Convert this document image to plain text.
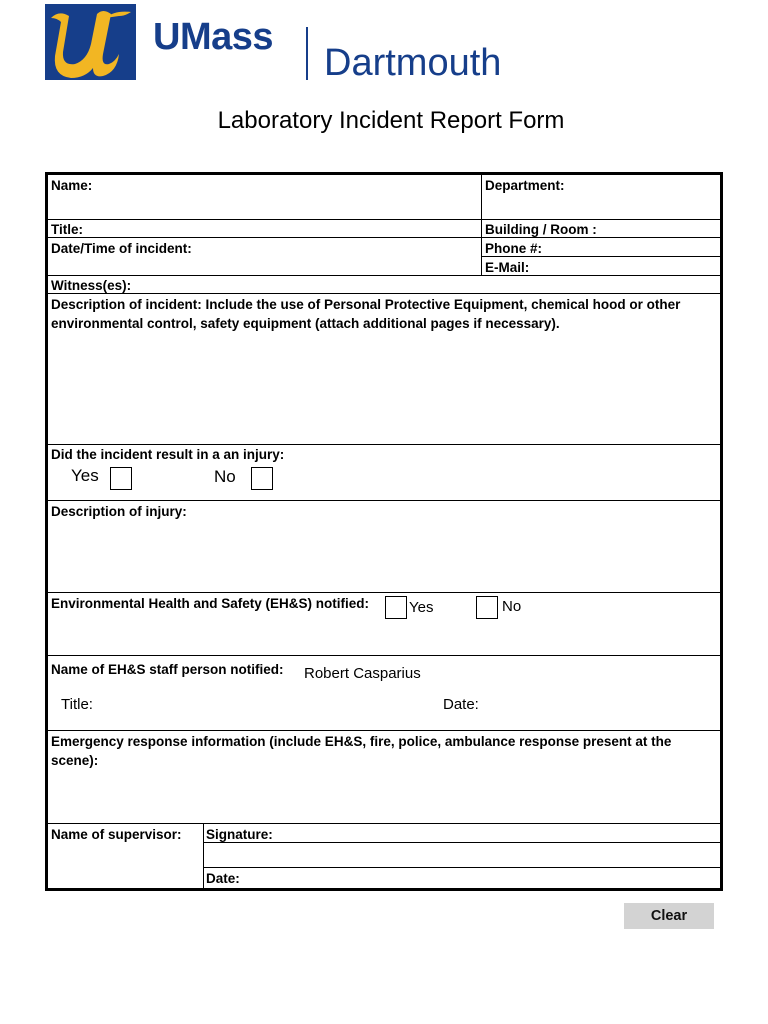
UMass
Dartmouth
Laboratory Incident Report Form
Name:	Department:
Title:	Building / Room :
Date/Time of incident:	Phone #:
E-Mail:
Witness(es):
Description of incident: Include the use of Personal Protective Equipment, chemical hood or other environmental control, safety equipment (attach additional pages if necessary).
Did the incident result in a an injury:
Yes	No
Description of injury:
Environmental Health and Safety (EH&S) notified:	Yes	No
Name of EH&S staff person notified: Robert Casparius
Title:	Date:
Emergency response information (include EH&S, fire, police, ambulance response present at the scene):
Name of supervisor: Signature:
Date:
Clear
